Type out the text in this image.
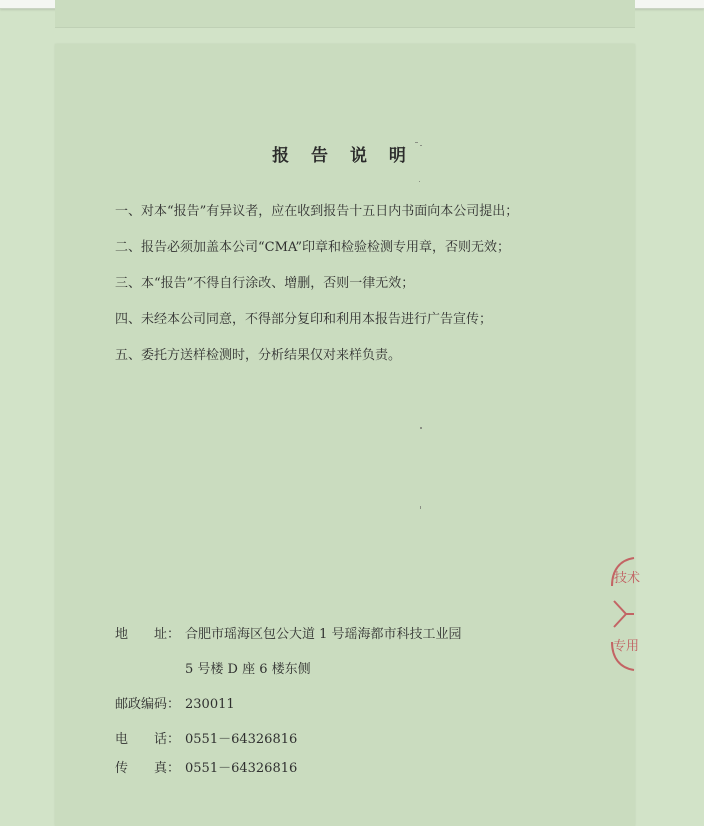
报 告 说 明
一、对本“报告”有异议者，应在收到报告十五日内书面向本公司提出；
二、报告必须加盖本公司“CMA”印章和检验检测专用章，否则无效；
三、本“报告”不得自行涂改、增删，否则一律无效；
四、未经本公司同意，不得部分复印和利用本报告进行广告宣传；
五、委托方送样检测时，分析结果仅对来样负责。
地　　址： 合肥市瑶海区包公大道 1 号瑶海都市科技工业园
5 号楼 D 座 6 楼东侧
邮政编码： 230011
电　　话： 0551－64326816
传　　真： 0551－64326816
技术
专用
